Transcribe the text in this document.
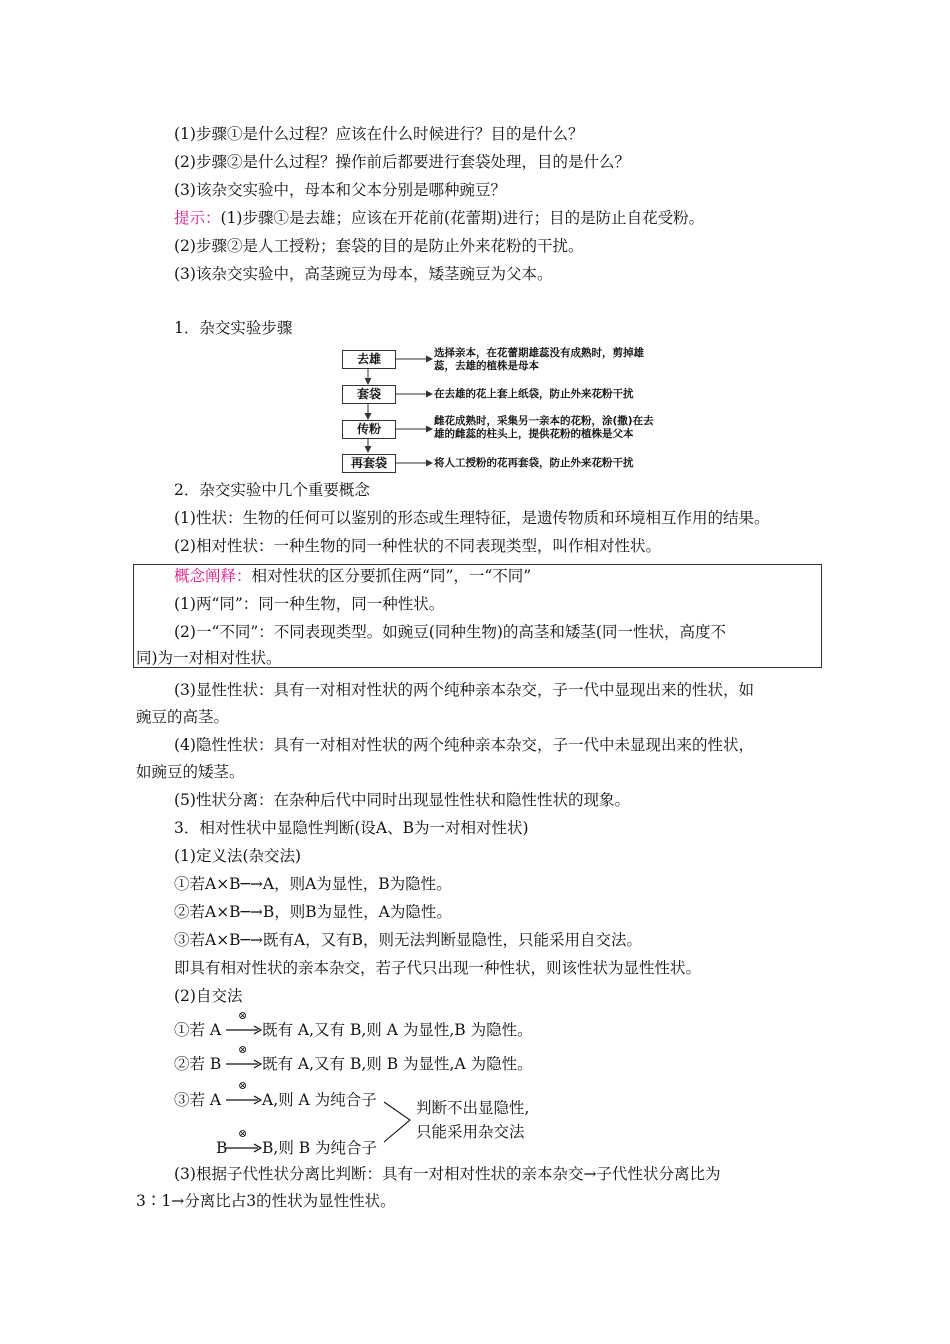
(1)步骤①是什么过程？应该在什么时候进行？目的是什么？
(2)步骤②是什么过程？操作前后都要进行套袋处理，目的是什么？
(3)该杂交实验中，母本和父本分别是哪种豌豆？
提示：(1)步骤①是去雄；应该在开花前(花蕾期)进行；目的是防止自花受粉。
(2)步骤②是人工授粉；套袋的目的是防止外来花粉的干扰。
(3)该杂交实验中，高茎豌豆为母本，矮茎豌豆为父本。
1．杂交实验步骤
去雄	选择亲本，在花蕾期雄蕊没有成熟时，剪掉雄
蕊，去雄的植株是母本
套袋	在去雄的花上套上纸袋，防止外来花粉干扰
传粉
雌花成熟时，采集另一亲本的花粉，涂(撒)在去
雄的雌蕊的柱头上，提供花粉的植株是父本
再套袋	将人工授粉的花再套袋，防止外来花粉干扰
2．杂交实验中几个重要概念
(1)性状：生物的任何可以鉴别的形态或生理特征，是遗传物质和环境相互作用的结果。
(2)相对性状：一种生物的同一种性状的不同表现类型，叫作相对性状。
概念阐释：相对性状的区分要抓住两“同”，一“不同”
(1)两“同”：同一种生物，同一种性状。
(2)一“不同”：不同表现类型。如豌豆(同种生物)的高茎和矮茎(同一性状，高度不
同)为一对相对性状。
(3)显性性状：具有一对相对性状的两个纯种亲本杂交，子一代中显现出来的性状，如
豌豆的高茎。
(4)隐性性状：具有一对相对性状的两个纯种亲本杂交，子一代中未显现出来的性状，
如豌豆的矮茎。
(5)性状分离：在杂种后代中同时出现显性性状和隐性性状的现象。
3．相对性状中显隐性判断(设A、B为一对相对性状)
(1)定义法(杂交法)
①若A×B─→A，则A为显性，B为隐性。
②若A×B─→B，则B为显性，A为隐性。
③若A×B─→既有A，又有B，则无法判断显隐性，只能采用自交法。
即具有相对性状的亲本杂交，若子代只出现一种性状，则该性状为显性性状。
(2)自交法
①若 A
⊗
既有 A,又有 B,则 A 为显性,B 为隐性。
②若 B
⊗
既有 A,又有 B,则 B 为显性,A 为隐性。
③若 A
⊗
A,则 A 为纯合子
B
⊗
B,则 B 为纯合子
判断不出显隐性,
只能采用杂交法
(3)根据子代性状分离比判断：具有一对相对性状的亲本杂交→子代性状分离比为
3∶1→分离比占3的性状为显性性状。
